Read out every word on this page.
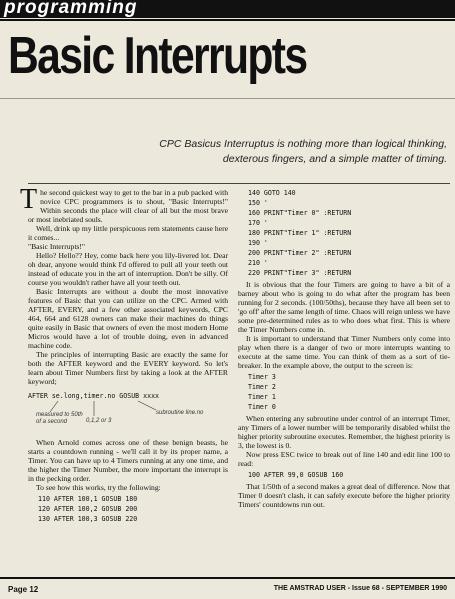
programming
Basic Interrupts
CPC Basicus Interruptus is nothing more than logical thinking, dexterous fingers, and a simple matter of timing.

The second quickest way to get to the bar in a pub packed with novice CPC programmers is to shout, "Basic Interrupts!" Within seconds the place will clear of all but the most brave or most inebriated souls.

Well, drink up my little perspicuous rem statements cause here it comes...

"Basic Interrupts!"

Hello? Hello?? Hey, come back here you lily-livered lot. Dear oh dear, anyone would think I'd offered to pull all your teeth out instead of educate you in the art of interruption. Don't be silly. Of course you wouldn't rather have all your teeth out.

Basic Interrupts are without a doubt the most innovative features of Basic that you can utilize on the CPC. Armed with AFTER, EVERY, and a few other associated keywords, CPC 464, 664 and 6128 owners can make their machines do things quite easily in Basic that owners of even the most modern Home Micros would have a lot of trouble doing, even in advanced machine code.

The principles of interrupting Basic are exactly the same for both the AFTER keyword and the EVERY keyword. So let's learn about Timer Numbers first by taking a look at the AFTER keyword;

AFTER se.long,timer.no GOSUB xxxx
measured to 50th of a second	0,1,2 or 3
subroutine line.no

When Arnold comes across one of these benign beasts, he starts a countdown running - we'll call it by its proper name, a Timer. You can have up to 4 Timers running at any one time, and the higher the Timer Number, the more important the interrupt is in the pecking order.

To see how this works, try the following:

110 AFTER 100,1 GOSUB 180
120 AFTER 100,2 GOSUB 200
130 AFTER 100,3 GOSUB 220
140 GOTO 140
150 '
160 PRINT"Timer 0" :RETURN
170 '
180 PRINT"Timer 1" :RETURN
190 '
200 PRINT"Timer 2" :RETURN
210 '
220 PRINT"Timer 3" :RETURN

It is obvious that the four Timers are going to have a bit of a barney about who is going to do what after the program has been running for 2 seconds. (100/50ths), because they have all been set to 'go off' after the same length of time. Chaos will reign unless we have some pre-determined rules as to who does what first. This is where the Timer Numbers come in.

It is important to understand that Timer Numbers only come into play when there is a danger of two or more interrupts wanting to execute at the same time. You can think of them as a sort of tie-breaker. In the example above, the output to the screen is:

Timer 3
Timer 2
Timer 1
Timer 0

When entering any subroutine under control of an interrupt Timer, any Timers of a lower number will be temporarily disabled whilst the higher priority subroutine executes. Remember, the highest priority is 3, the lowest is 0.

Now press ESC twice to break out of line 140 and edit line 100 to read:

100 AFTER 99,0 GOSUB 160

That 1/50th of a second makes a great deal of difference. Now that Timer 0 doesn't clash, it can safely execute before the higher priority Timers' countdowns run out.

Page 12	THE AMSTRAD USER - Issue 68 - SEPTEMBER 1990
